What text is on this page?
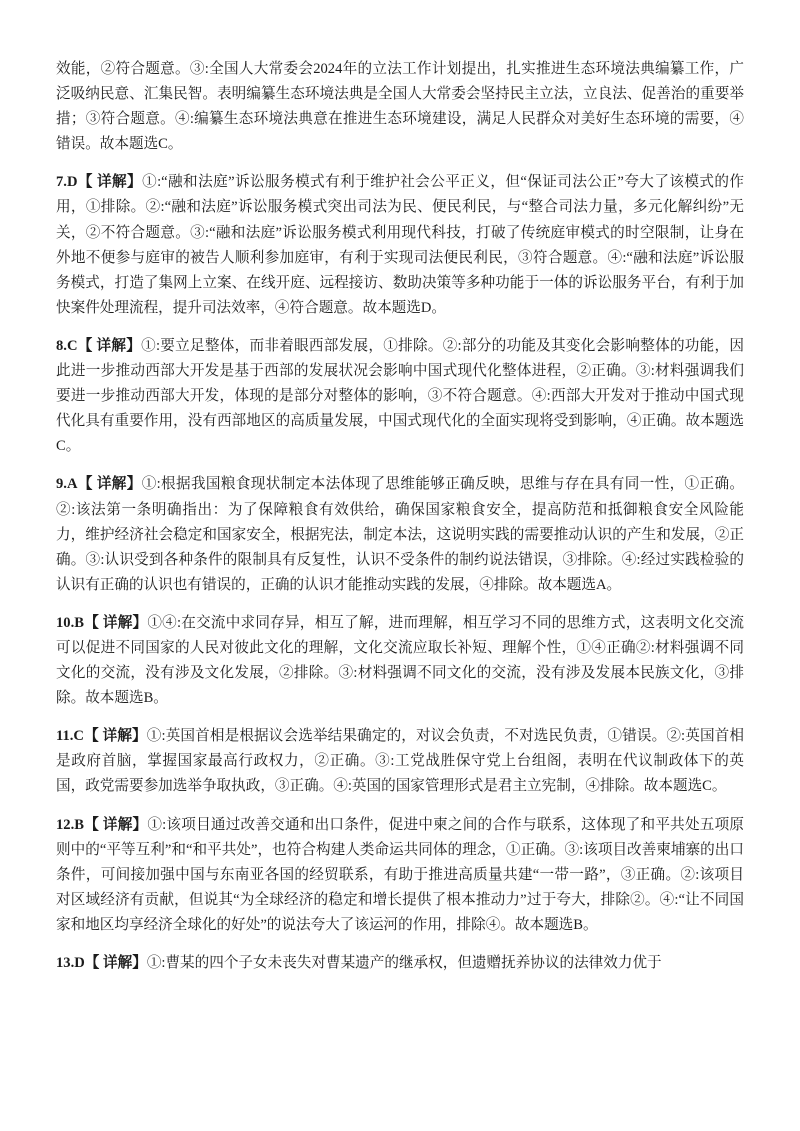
效能，②符合题意。③:全国人大常委会2024年的立法工作计划提出，扎实推进生态环境法典编纂工作，广泛吸纳民意、汇集民智。表明编纂生态环境法典是全国人大常委会坚持民主立法，立良法、促善治的重要举措；③符合题意。④:编纂生态环境法典意在推进生态环境建设，满足人民群众对美好生态环境的需要，④错误。故本题选C。

7.D【 详解】①:“融和法庭”诉讼服务模式有利于维护社会公平正义，但“保证司法公正”夸大了该模式的作用，①排除。②:“融和法庭”诉讼服务模式突出司法为民、便民利民，与“整合司法力量，多元化解纠纷”无关，②不符合题意。③:“融和法庭”诉讼服务模式利用现代科技，打破了传统庭审模式的时空限制，让身在外地不便参与庭审的被告人顺利参加庭审，有利于实现司法便民利民，③符合题意。④:“融和法庭”诉讼服务模式，打造了集网上立案、在线开庭、远程接访、数助决策等多种功能于一体的诉讼服务平台，有利于加快案件处理流程，提升司法效率，④符合题意。故本题选D。

8.C【 详解】①:要立足整体，而非着眼西部发展，①排除。②:部分的功能及其变化会影响整体的功能，因此进一步推动西部大开发是基于西部的发展状况会影响中国式现代化整体进程，②正确。③:材料强调我们要进一步推动西部大开发，体现的是部分对整体的影响，③不符合题意。④:西部大开发对于推动中国式现代化具有重要作用，没有西部地区的高质量发展，中国式现代化的全面实现将受到影响，④正确。故本题选C。

9.A【 详解】①:根据我国粮食现状制定本法体现了思维能够正确反映，思维与存在具有同一性，①正确。②:该法第一条明确指出：为了保障粮食有效供给，确保国家粮食安全，提高防范和抵御粮食安全风险能力，维护经济社会稳定和国家安全，根据宪法，制定本法，这说明实践的需要推动认识的产生和发展，②正确。③:认识受到各种条件的限制具有反复性，认识不受条件的制约说法错误，③排除。④:经过实践检验的认识有正确的认识也有错误的，正确的认识才能推动实践的发展，④排除。故本题选A。

10.B【 详解】①④:在交流中求同存异，相互了解，进而理解，相互学习不同的思维方式，这表明文化交流可以促进不同国家的人民对彼此文化的理解，文化交流应取长补短、理解个性，①④正确②:材料强调不同文化的交流，没有涉及文化发展，②排除。③:材料强调不同文化的交流，没有涉及发展本民族文化，③排除。故本题选B。

11.C【 详解】①:英国首相是根据议会选举结果确定的，对议会负责，不对选民负责，①错误。②:英国首相是政府首脑，掌握国家最高行政权力，②正确。③:工党战胜保守党上台组阁，表明在代议制政体下的英国，政党需要参加选举争取执政，③正确。④:英国的国家管理形式是君主立宪制，④排除。故本题选C。

12.B【 详解】①:该项目通过改善交通和出口条件，促进中柬之间的合作与联系，这体现了和平共处五项原则中的“平等互利”和“和平共处”，也符合构建人类命运共同体的理念，①正确。③:该项目改善柬埔寨的出口条件，可间接加强中国与东南亚各国的经贸联系，有助于推进高质量共建“一带一路”，③正确。②:该项目对区域经济有贡献，但说其“为全球经济的稳定和增长提供了根本推动力”过于夸大，排除②。④:“让不同国家和地区均享经济全球化的好处”的说法夸大了该运河的作用，排除④。故本题选B。

13.D【 详解】①:曹某的四个子女未丧失对曹某遗产的继承权，但遗赠抚养协议的法律效力优于
